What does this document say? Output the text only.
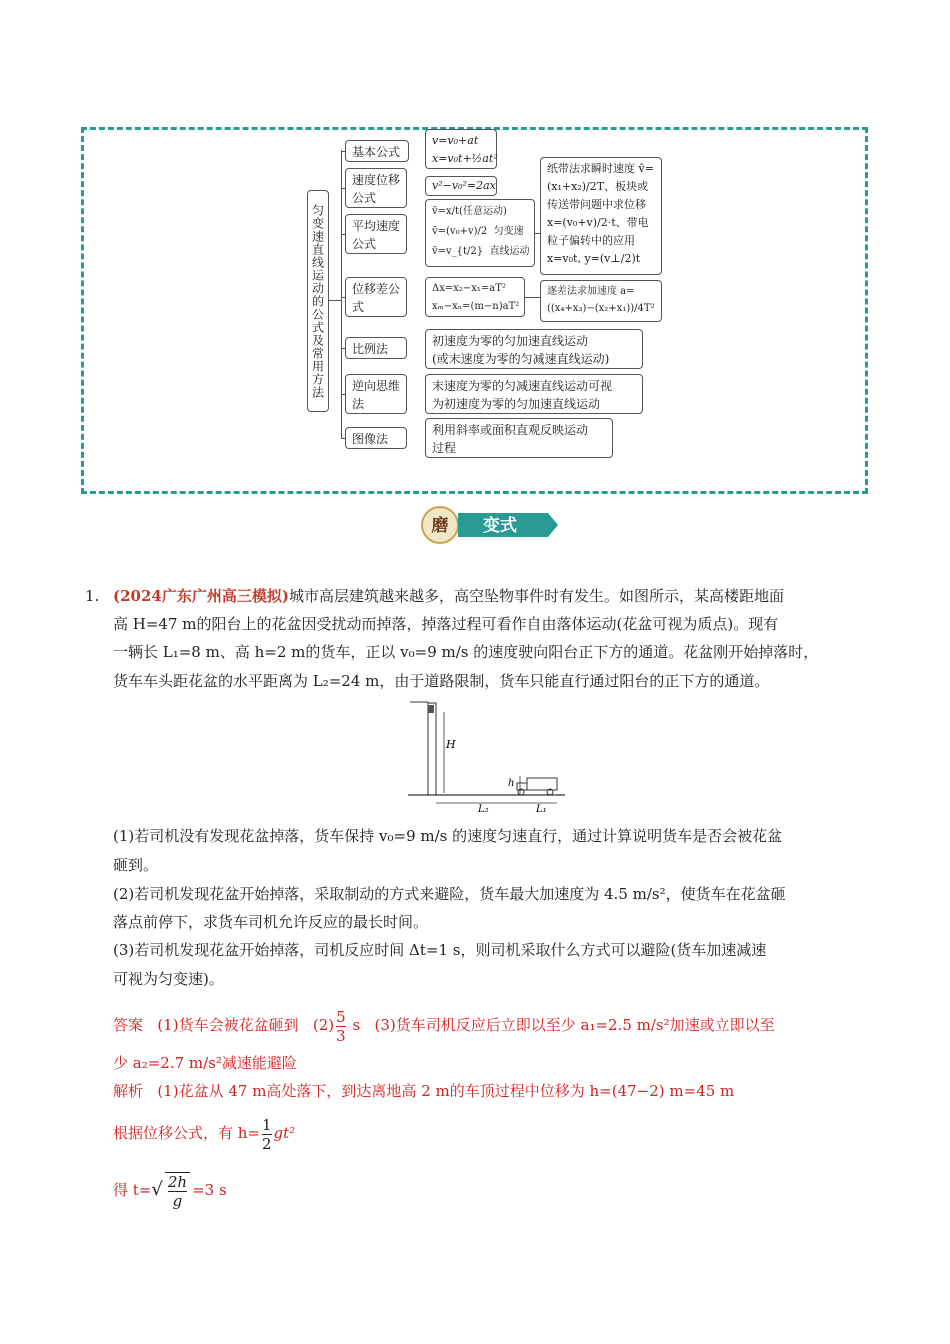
匀变速直线运动的公式及常用方法
基本公式
速度位移公式
平均速度公式
位移差公式
比例法
逆向思维法
图像法
v=v₀+at
x=v₀t+½at²
v²−v₀²=2ax
v̄=x/t(任意运动)
v̄=(v₀+v)/2  匀变速
v̄=v_{t/2}  直线运动
Δx=x₂−x₁=aT²
xₘ−xₙ=(m−n)aT²
初速度为零的匀加速直线运动
(或末速度为零的匀减速直线运动)
末速度为零的匀减速直线运动可视
为初速度为零的匀加速直线运动
利用斜率或面积直观反映运动
过程
纸带法求瞬时速度 v̄=(x₁+x₂)/2T、板块或传送带问题中求位移 x=(v₀+v)/2·t、带电粒子偏转中的应用 x=v₀t, y=(v⊥/2)t
逐差法求加速度 a=((x₄+x₃)−(x₂+x₁))/4T²
磨 变式
1. (2024广东广州高三模拟)城市高层建筑越来越多，高空坠物事件时有发生。如图所示，某高楼距地面
高 H=47 m的阳台上的花盆因受扰动而掉落，掉落过程可看作自由落体运动(花盆可视为质点)。现有
一辆长 L₁=8 m、高 h=2 m的货车，正以 v₀=9 m/s 的速度驶向阳台正下方的通道。花盆刚开始掉落时，
货车车头距花盆的水平距离为 L₂=24 m，由于道路限制，货车只能直行通过阳台的正下方的通道。
H
h
L₂	L₁
(1)若司机没有发现花盆掉落，货车保持 v₀=9 m/s 的速度匀速直行，通过计算说明货车是否会被花盆
砸到。
(2)若司机发现花盆开始掉落，采取制动的方式来避险，货车最大加速度为 4.5 m/s²，使货车在花盆砸
落点前停下，求货车司机允许反应的最长时间。
(3)若司机发现花盆开始掉落，司机反应时间 Δt=1 s，则司机采取什么方式可以避险(货车加速减速
可视为匀变速)。
答案 (1)货车会被花盆砸到 $(2) \frac{5}{3}$ s (3)货车司机反应后立即以至少 a₁=2.5 m/s²加速或立即以至
少 a₂=2.7 m/s²减速能避险
解析 (1)花盆从 47 m高处落下，到达离地高 2 m的车顶过程中位移为 h=(47−2) m=45 m
根据位移公式，有 $h= \frac{1}{2} gt^2$
得 $t=√ \frac{2h}{g} =3$ s
